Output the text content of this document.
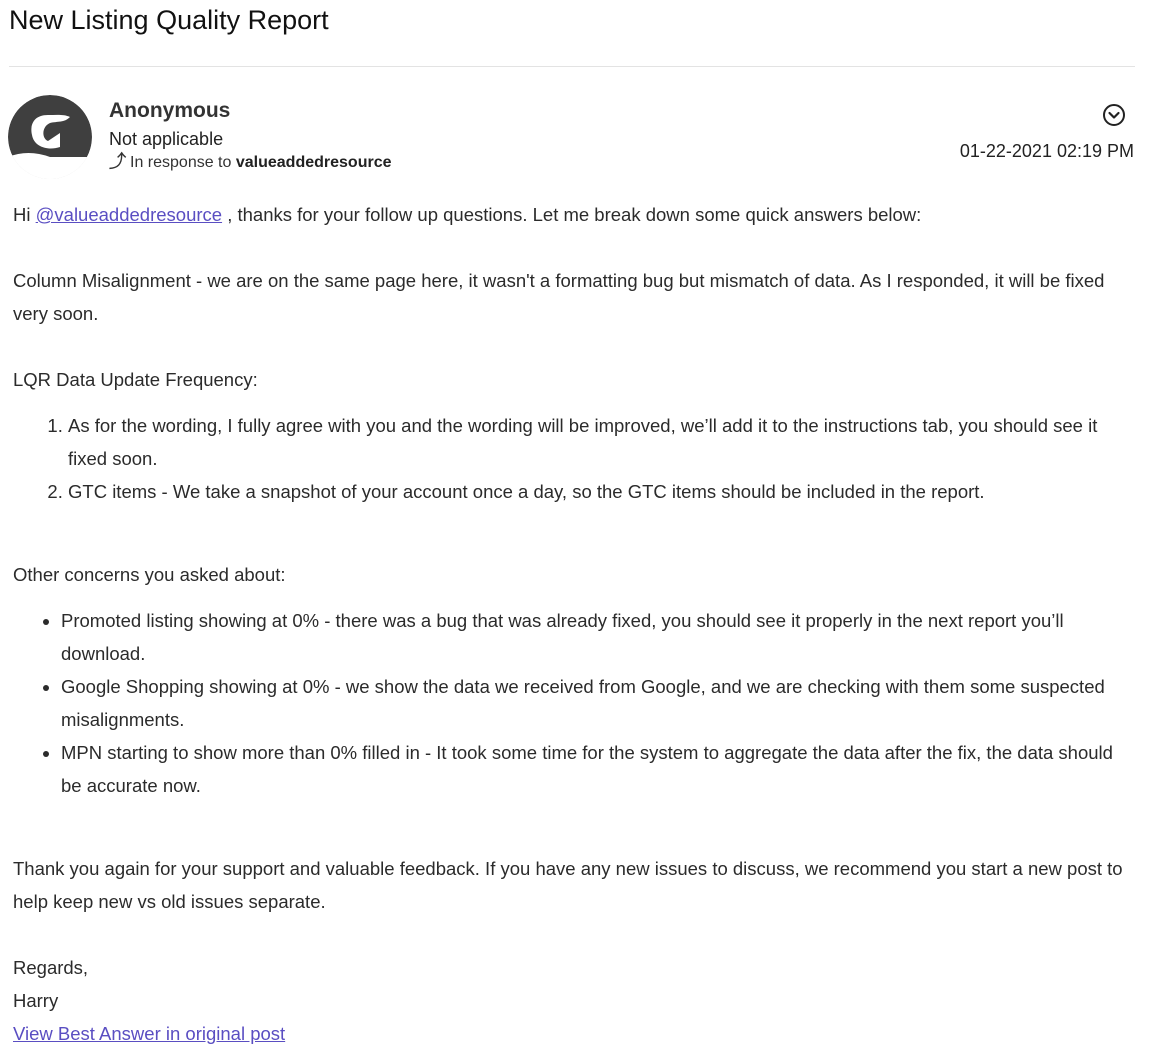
New Listing Quality Report
Anonymous
Not applicable
⤴ In response to valueaddedresource
01-22-2021 02:19 PM

Hi @valueaddedresource , thanks for your follow up questions. Let me break down some quick answers below:

Column Misalignment - we are on the same page here, it wasn't a formatting bug but mismatch of data. As I responded, it will be fixed very soon.

LQR Data Update Frequency:

1. As for the wording, I fully agree with you and the wording will be improved, we’ll add it to the instructions tab, you should see it fixed soon.
2. GTC items - We take a snapshot of your account once a day, so the GTC items should be included in the report.

Other concerns you asked about:

• Promoted listing showing at 0% - there was a bug that was already fixed, you should see it properly in the next report you’ll download.
• Google Shopping showing at 0% - we show the data we received from Google, and we are checking with them some suspected misalignments.
• MPN starting to show more than 0% filled in - It took some time for the system to aggregate the data after the fix, the data should be accurate now.

Thank you again for your support and valuable feedback. If you have any new issues to discuss, we recommend you start a new post to help keep new vs old issues separate.

Regards,

Harry

View Best Answer in original post
